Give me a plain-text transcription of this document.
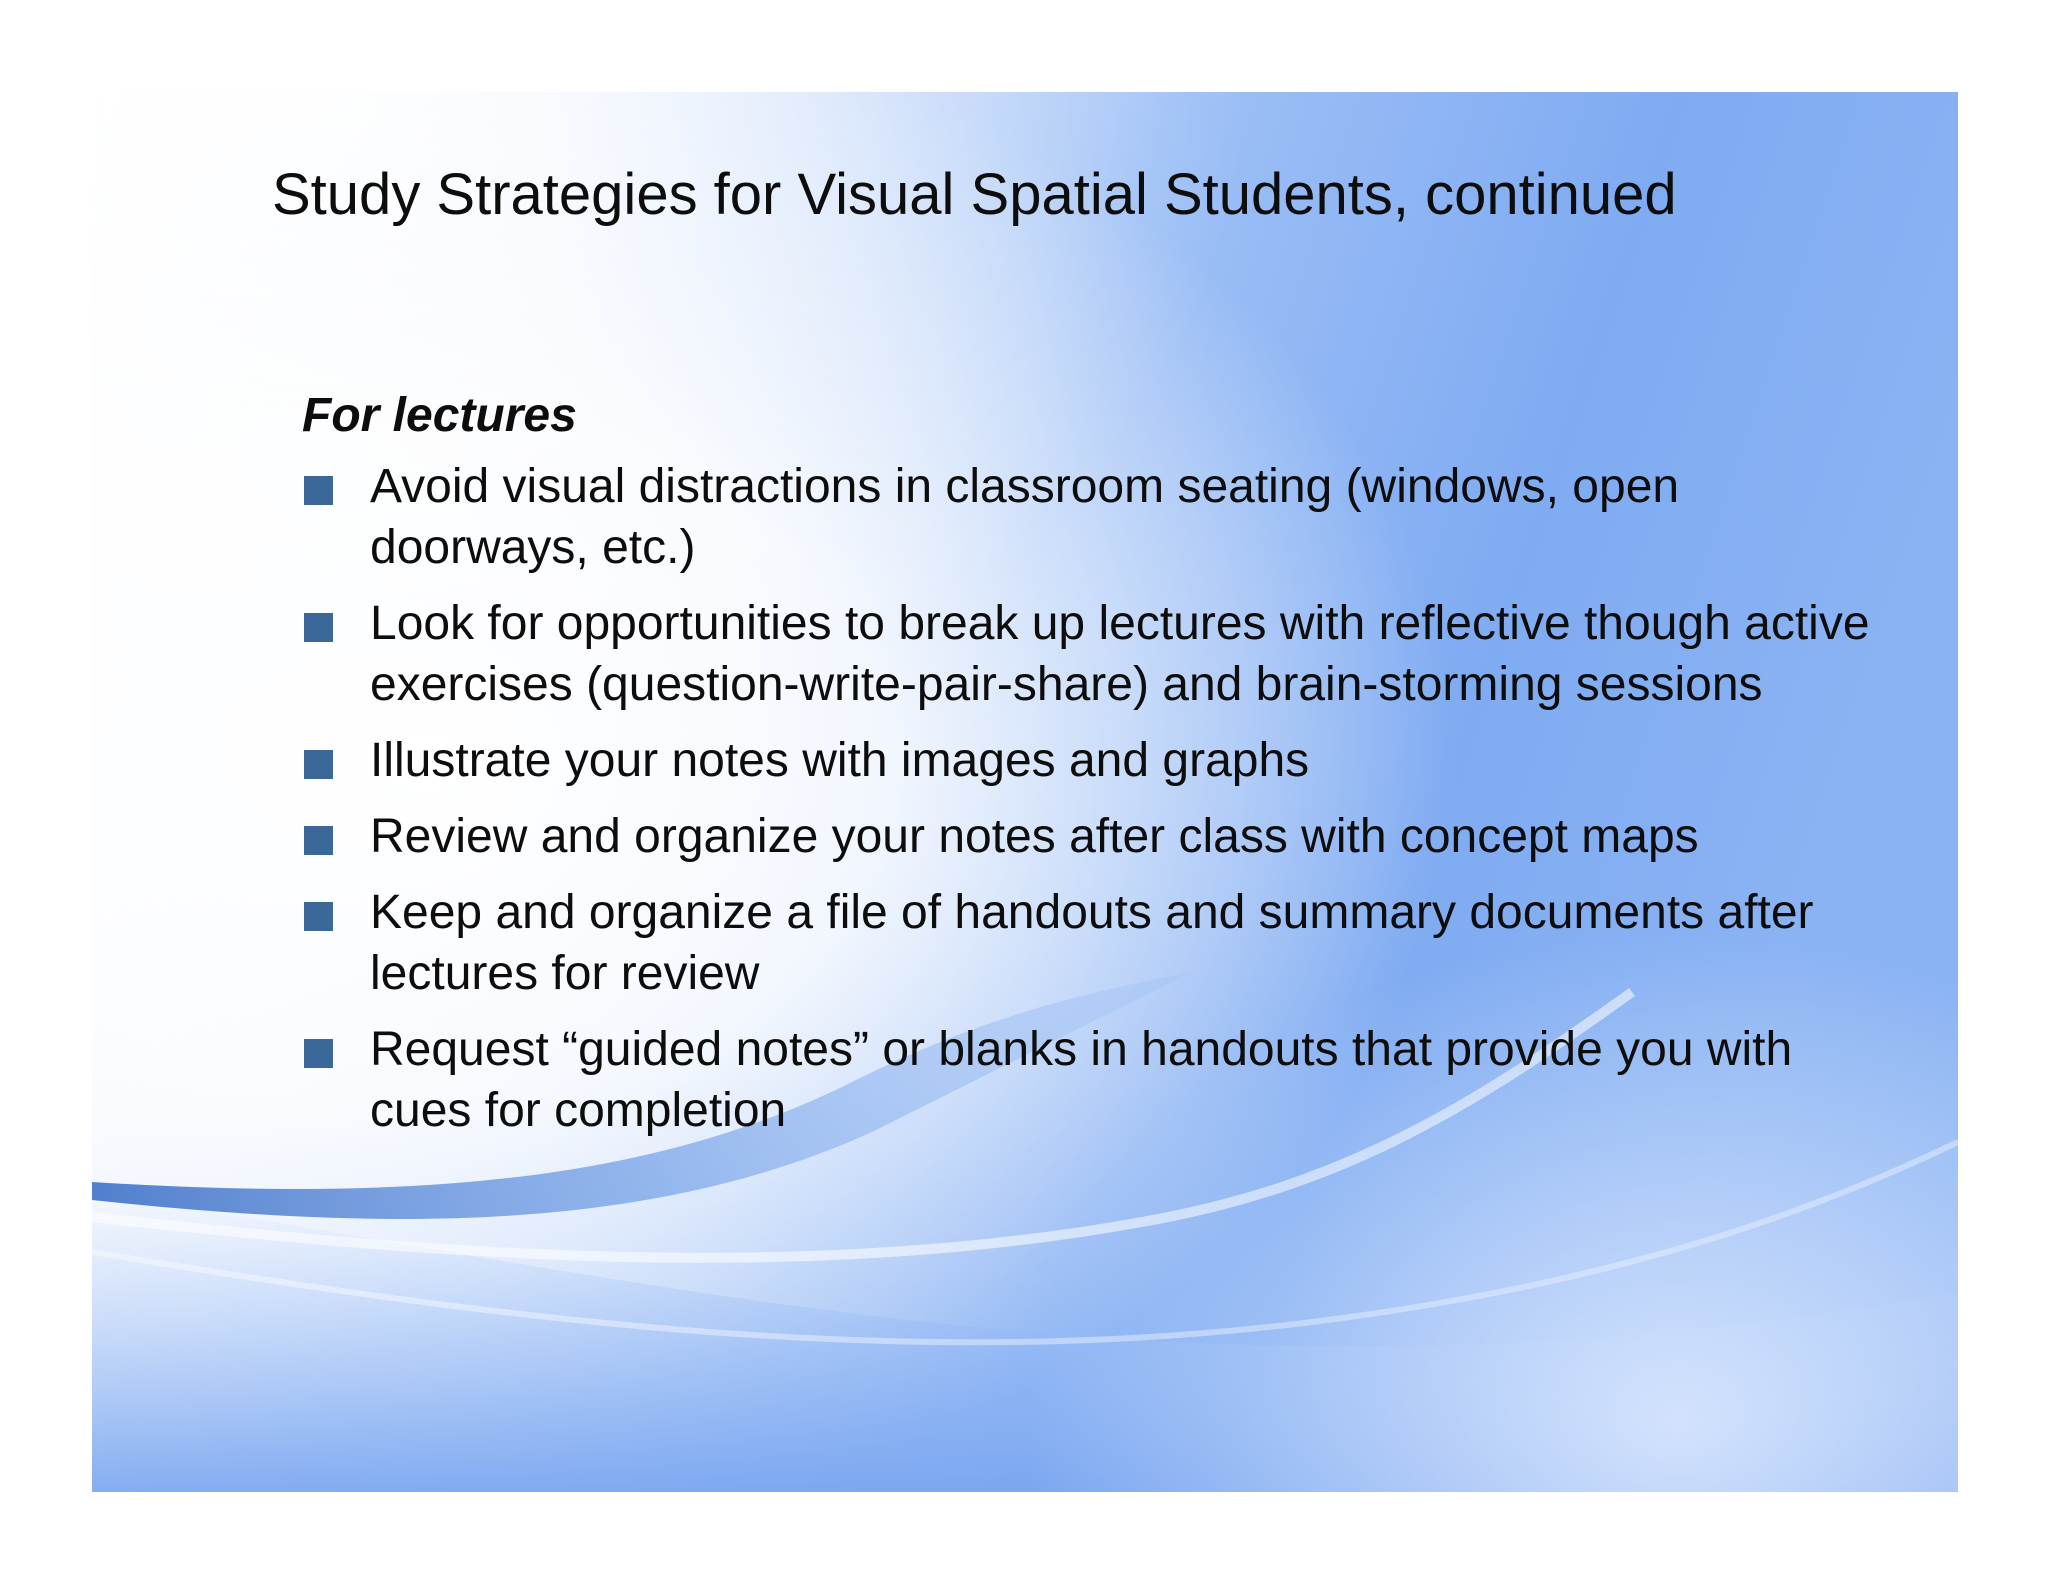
Study Strategies for Visual Spatial Students, continued
For lectures
Avoid visual distractions in classroom seating (windows, open doorways, etc.)
Look for opportunities to break up lectures with reflective though active exercises (question-write-pair-share) and brain-storming sessions
Illustrate your notes with images and graphs
Review and organize your notes after class with concept maps
Keep and organize a file of handouts and summary documents after lectures for review
Request “guided notes” or blanks in handouts that provide you with cues for completion
